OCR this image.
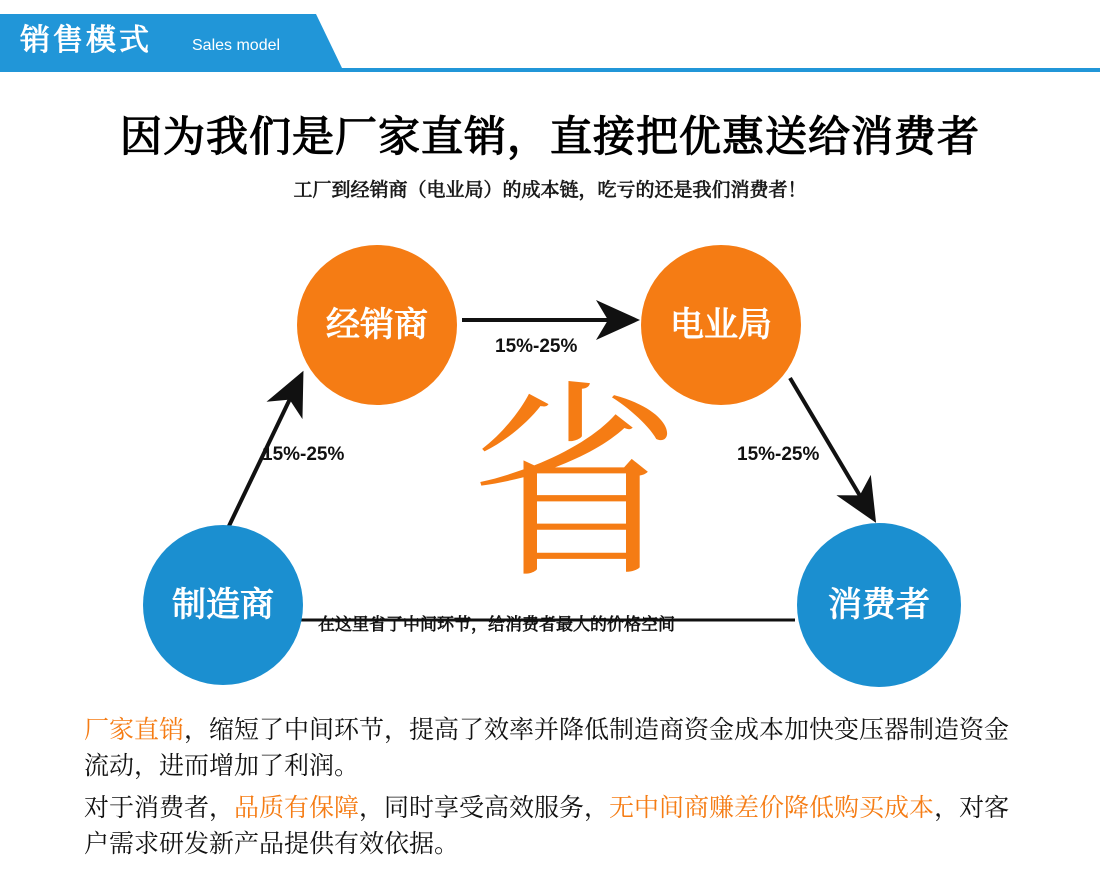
销售模式	Sales model
因为我们是厂家直销，直接把优惠送给消费者
工厂到经销商（电业局）的成本链，吃亏的还是我们消费者！
省
经销商	电业局
制造商	消费者
15%-25%
15%-25%
15%-25%
在这里省了中间环节，给消费者最大的价格空间
厂家直销，缩短了中间环节，提高了效率并降低制造商资金成本加快变压器制造资金流动，进而增加了利润。
对于消费者，品质有保障，同时享受高效服务，无中间商赚差价降低购买成本，对客户需求研发新产品提供有效依据。
